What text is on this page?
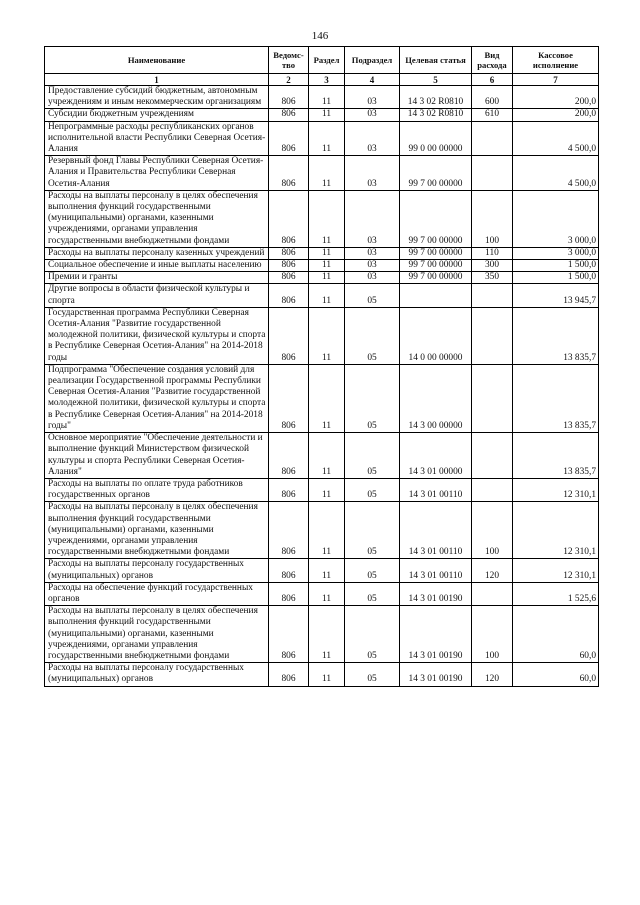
146
Наименование	Ведомс-тво	Раздел	Подраздел	Целевая статья	Вид расхода	Кассовое исполнение
1	2	3	4	5	6	7
Предоставление субсидий бюджетным, автономным учреждениям и иным некоммерческим организациям	806	11	03	14 3 02 R0810	600	200,0
Субсидии бюджетным учреждениям	806	11	03	14 3 02 R0810	610	200,0
Непрограммные расходы республиканских органов исполнительной власти Республики Северная Осетия-Алания	806	11	03	99 0 00 00000		4 500,0
Резервный фонд Главы Республики Северная Осетия-Алания и Правительства Республики Северная Осетия-Алания	806	11	03	99 7 00 00000		4 500,0
Расходы на выплаты персоналу в целях обеспечения выполнения функций государственными (муниципальными) органами, казенными учреждениями, органами управления государственными внебюджетными фондами	806	11	03	99 7 00 00000	100	3 000,0
Расходы на выплаты персоналу казенных учреждений	806	11	03	99 7 00 00000	110	3 000,0
Социальное обеспечение и иные выплаты населению	806	11	03	99 7 00 00000	300	1 500,0
Премии и гранты	806	11	03	99 7 00 00000	350	1 500,0
Другие вопросы в области физической культуры и спорта	806	11	05			13 945,7
Государственная программа Республики Северная Осетия-Алания "Развитие государственной молодежной политики, физической культуры и спорта в Республике Северная Осетия-Алания" на 2014-2018 годы	806	11	05	14 0 00 00000		13 835,7
Подпрограмма "Обеспечение создания условий для реализации Государственной программы Республики Северная Осетия-Алания "Развитие государственной молодежной политики, физической культуры и спорта в Республике Северная Осетия-Алания" на 2014-2018 годы"	806	11	05	14 3 00 00000		13 835,7
Основное мероприятие "Обеспечение деятельности и выполнение функций Министерством физической культуры и спорта Республики Северная Осетия-Алания"	806	11	05	14 3 01 00000		13 835,7
Расходы на выплаты по оплате труда работников государственных органов	806	11	05	14 3 01 00110		12 310,1
Расходы на выплаты персоналу в целях обеспечения выполнения функций государственными (муниципальными) органами, казенными учреждениями, органами управления государственными внебюджетными фондами	806	11	05	14 3 01 00110	100	12 310,1
Расходы на выплаты персоналу государственных (муниципальных) органов	806	11	05	14 3 01 00110	120	12 310,1
Расходы на обеспечение функций государственных органов	806	11	05	14 3 01 00190		1 525,6
Расходы на выплаты персоналу в целях обеспечения выполнения функций государственными (муниципальными) органами, казенными учреждениями, органами управления государственными внебюджетными фондами	806	11	05	14 3 01 00190	100	60,0
Расходы на выплаты персоналу государственных (муниципальных) органов	806	11	05	14 3 01 00190	120	60,0
